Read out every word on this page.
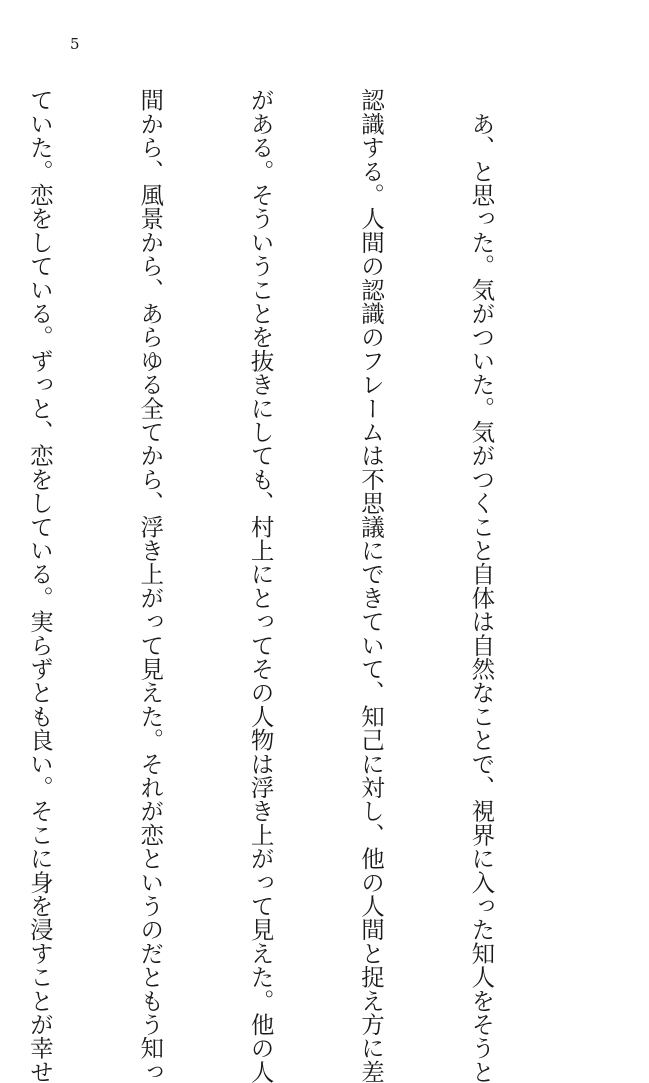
5

　あ、と思った。気がついた。気がつくこと自体は自然なことで、視界に入った知人をそうと

認識する。人間の認識のフレームは不思議にできていて、知己に対し、他の人間と捉え方に差

がある。そういうことを抜きにしても、村上にとってその人物は浮き上がって見えた。他の人

間から、風景から、あらゆる全てから、浮き上がって見えた。それが恋というのだともう知っ

ていた。恋をしている。ずっと、恋をしている。実らずとも良い。そこに身を浸すことが幸せ
